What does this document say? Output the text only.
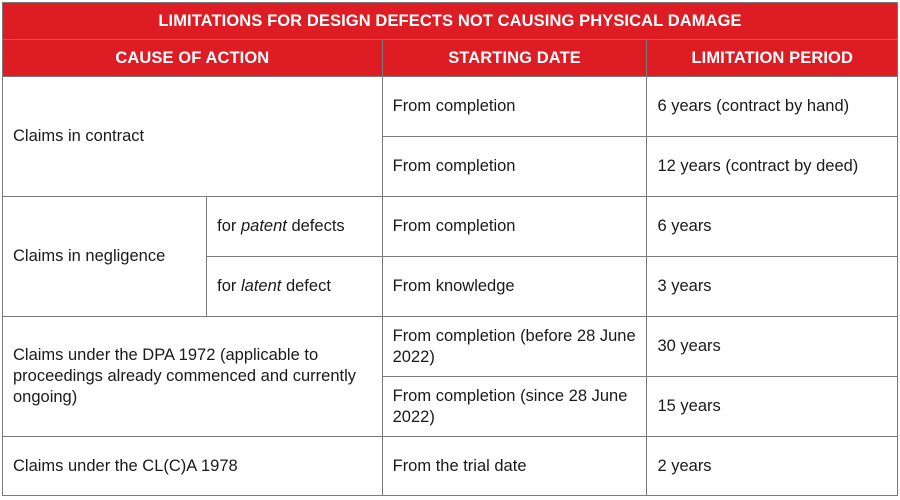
LIMITATIONS FOR DESIGN DEFECTS NOT CAUSING PHYSICAL DAMAGE			
CAUSE OF ACTION		STARTING DATE	LIMITATION PERIOD
Claims in contract		From completion	6 years (contract by hand)
		From completion	12 years (contract by deed)
Claims in negligence	for patent defects	From completion	6 years
	for latent defect	From knowledge	3 years
Claims under the DPA 1972 (applicable to proceedings already commenced and currently ongoing)		From completion (before 28 June 2022)	30 years
		From completion (since 28 June 2022)	15 years
Claims under the CL(C)A 1978		From the trial date	2 years
